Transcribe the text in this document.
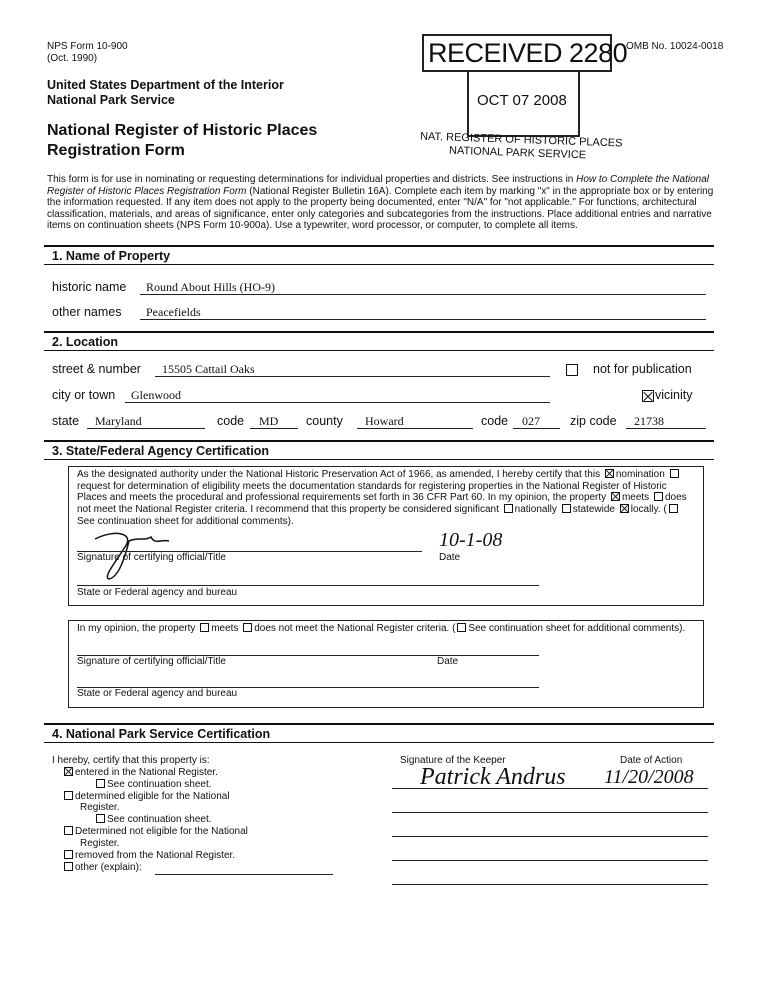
NPS Form 10-900
(Oct. 1990)
OMB No. 10024-0018
United States Department of the Interior
National Park Service
National Register of Historic Places
Registration Form
RECEIVED 2280
OCT 07 2008
NAT. REGISTER OF HISTORIC PLACES
NATIONAL PARK SERVICE
This form is for use in nominating or requesting determinations for individual properties and districts. See instructions in How to Complete the National Register of Historic Places Registration Form (National Register Bulletin 16A). Complete each item by marking "x" in the appropriate box or by entering the information requested. If any item does not apply to the property being documented, enter "N/A" for "not applicable." For functions, architectural classification, materials, and areas of significance, enter only categories and subcategories from the instructions. Place additional entries and narrative items on continuation sheets (NPS Form 10-900a). Use a typewriter, word processor, or computer, to complete all items.
1. Name of Property
historic name Round About Hills (HO-9)
other names Peacefields
2. Location
street & number 15505 Cattail Oaks
	not for publication
city or town Glenwood	vicinity
state Maryland	code MD county Howard	code 027 zip code 21738
3. State/Federal Agency Certification
As the designated authority under the National Historic Preservation Act of 1966, as amended, I hereby certify that this nomination
request for determination of eligibility meets the documentation standards for registering properties in the National Register of Historic
Places and meets the procedural and professional requirements set forth in 36 CFR Part 60. In my opinion, the property meets does
not meet the National Register criteria. I recommend that this property be considered significant nationally statewide locally. (
See continuation sheet for additional comments).
10-1-08
Signature of certifying official/Title	Date
State or Federal agency and bureau
In my opinion, the property meets does not meet the National Register criteria. ( See continuation sheet for additional comments).
Signature of certifying official/Title	Date
State or Federal agency and bureau
4. National Park Service Certification
I hereby, certify that this property is:
entered in the National Register.
See continuation sheet.
determined eligible for the National
Register.
See continuation sheet.
Determined not eligible for the National
Register.
removed from the National Register.
other (explain):
Signature of the Keeper	Date of Action
Patrick Andrus 11/20/2008
